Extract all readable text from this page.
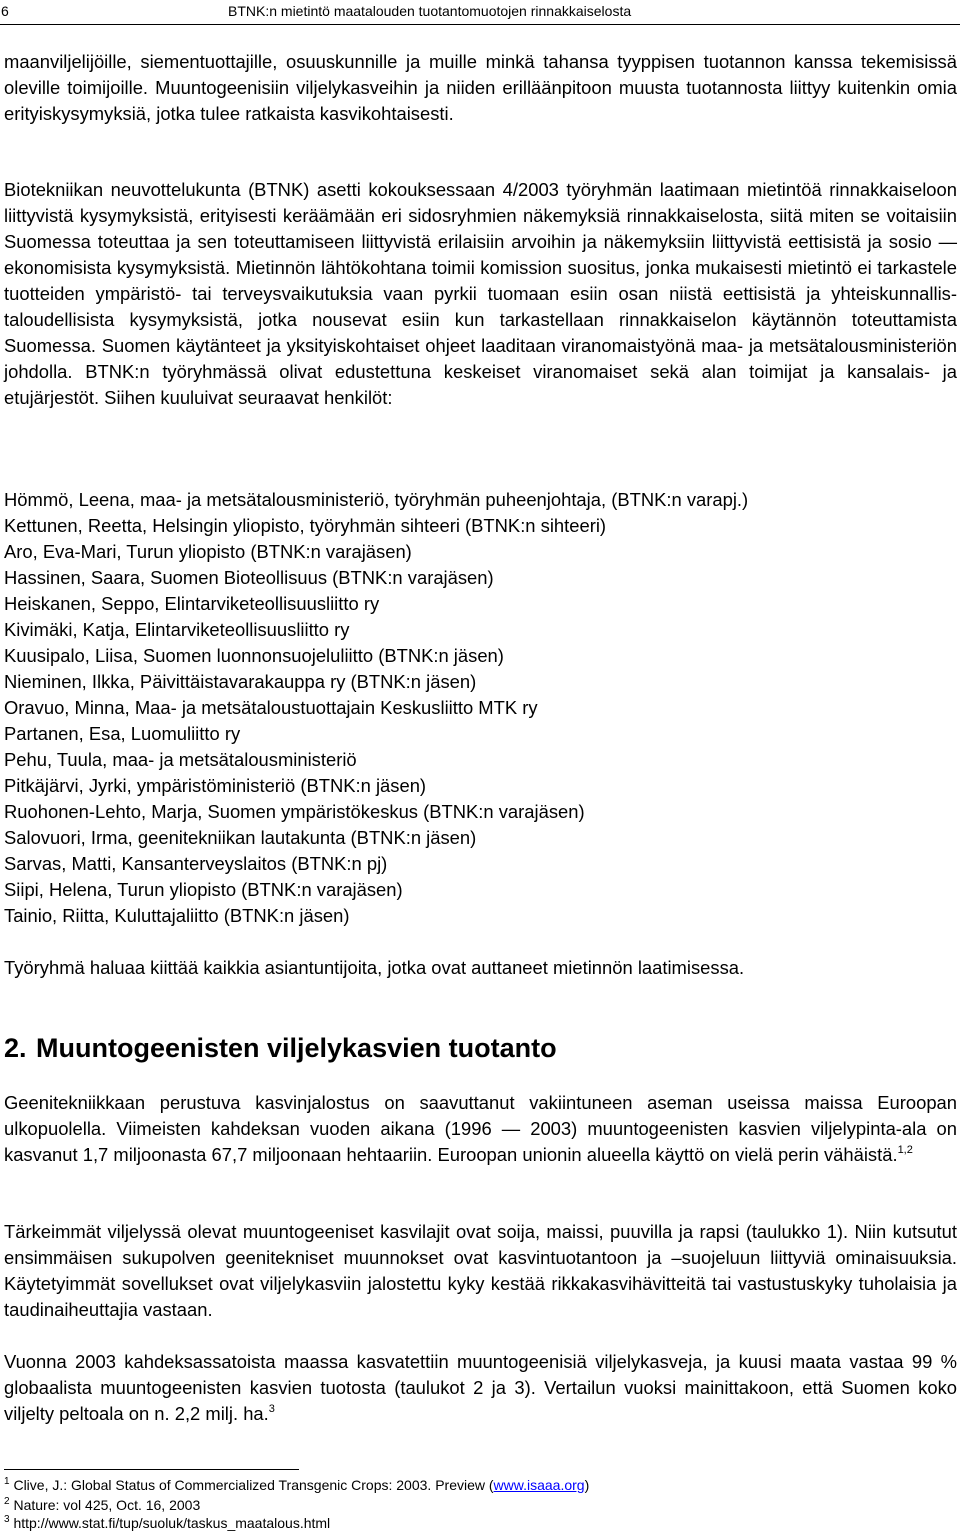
6	BTNK:n mietintö maatalouden tuotantomuotojen rinnakkaiselosta

maanviljelijöille, siementuottajille, osuuskunnille ja muille minkä tahansa tyyppisen tuotannon kanssa tekemisissä oleville toimijoille. Muuntogeenisiin viljelykasveihin ja niiden erilläänpitoon muusta tuotannosta liittyy kuitenkin omia erityiskysymyksiä, jotka tulee ratkaista kasvikohtaisesti.

Biotekniikan neuvottelukunta (BTNK) asetti kokouksessaan 4/2003 työryhmän laatimaan mietintöä rinnakkaiseloon liittyvistä kysymyksistä, erityisesti keräämään eri sidosryhmien näkemyksiä rinnakkaiselosta, siitä miten se voitaisiin Suomessa toteuttaa ja sen toteuttamiseen liittyvistä erilaisiin arvoihin ja näkemyksiin liittyvistä eettisistä ja sosio — ekonomisista kysymyksistä. Mietinnön lähtökohtana toimii komission suositus, jonka mukaisesti mietintö ei tarkastele tuotteiden ympäristö- tai terveysvaikutuksia vaan pyrkii tuomaan esiin osan niistä eettisistä ja yhteiskunnallis-taloudellisista kysymyksistä, jotka nousevat esiin kun tarkastellaan rinnakkaiselon käytännön toteuttamista Suomessa. Suomen käytänteet ja yksityiskohtaiset ohjeet laaditaan viranomaistyönä maa- ja metsätalousministeriön johdolla. BTNK:n työryhmässä olivat edustettuna keskeiset viranomaiset sekä alan toimijat ja kansalais- ja etujärjestöt. Siihen kuuluivat seuraavat henkilöt:

Hömmö, Leena, maa- ja metsätalousministeriö, työryhmän puheenjohtaja, (BTNK:n varapj.)
Kettunen, Reetta, Helsingin yliopisto, työryhmän sihteeri (BTNK:n sihteeri)
Aro, Eva-Mari, Turun yliopisto (BTNK:n varajäsen)
Hassinen, Saara, Suomen Bioteollisuus (BTNK:n varajäsen)
Heiskanen, Seppo, Elintarviketeollisuusliitto ry
Kivimäki, Katja, Elintarviketeollisuusliitto ry
Kuusipalo, Liisa, Suomen luonnonsuojeluliitto (BTNK:n jäsen)
Nieminen, Ilkka, Päivittäistavarakauppa ry (BTNK:n jäsen)
Oravuo, Minna, Maa- ja metsätaloustuottajain Keskusliitto MTK ry
Partanen, Esa, Luomuliitto ry
Pehu, Tuula, maa- ja metsätalousministeriö
Pitkäjärvi, Jyrki, ympäristöministeriö (BTNK:n jäsen)
Ruohonen-Lehto, Marja, Suomen ympäristökeskus (BTNK:n varajäsen)
Salovuori, Irma, geenitekniikan lautakunta (BTNK:n jäsen)
Sarvas, Matti, Kansanterveyslaitos (BTNK:n pj)
Siipi, Helena, Turun yliopisto (BTNK:n varajäsen)
Tainio, Riitta, Kuluttajaliitto (BTNK:n jäsen)
Työryhmä haluaa kiittää kaikkia asiantuntijoita, jotka ovat auttaneet mietinnön laatimisessa.
2. Muuntogeenisten viljelykasvien tuotanto

Geenitekniikkaan perustuva kasvinjalostus on saavuttanut vakiintuneen aseman useissa maissa Euroopan ulkopuolella. Viimeisten kahdeksan vuoden aikana (1996 — 2003) muuntogeenisten kasvien viljelypinta-ala on kasvanut 1,7 miljoonasta 67,7 miljoonaan hehtaariin. Euroopan unionin alueella käyttö on vielä perin vähäistä.$^{1,2}$

Tärkeimmät viljelyssä olevat muuntogeeniset kasvilajit ovat soija, maissi, puuvilla ja rapsi (taulukko 1). Niin kutsutut ensimmäisen sukupolven geenitekniset muunnokset ovat kasvintuotantoon ja –suojeluun liittyviä ominaisuuksia. Käytetyimmät sovellukset ovat viljelykasviin jalostettu kyky kestää rikkakasvihävitteitä tai vastustuskyky tuholaisia ja taudinaiheuttajia vastaan.

Vuonna 2003 kahdeksassatoista maassa kasvatettiin muuntogeenisiä viljelykasveja, ja kuusi maata vastaa 99 % globaalista muuntogeenisten kasvien tuotosta (taulukot 2 ja 3). Vertailun vuoksi mainittakoon, että Suomen koko viljelty peltoala on n. 2,2 milj. ha.$^3$

$^1$ Clive, J.: Global Status of Commercialized Transgenic Crops: 2003. Preview (www.isaaa.org)
$^2$ Nature: vol 425, Oct. 16, 2003
$^3$ http://www.stat.fi/tup/suoluk/taskus_maatalous.html
